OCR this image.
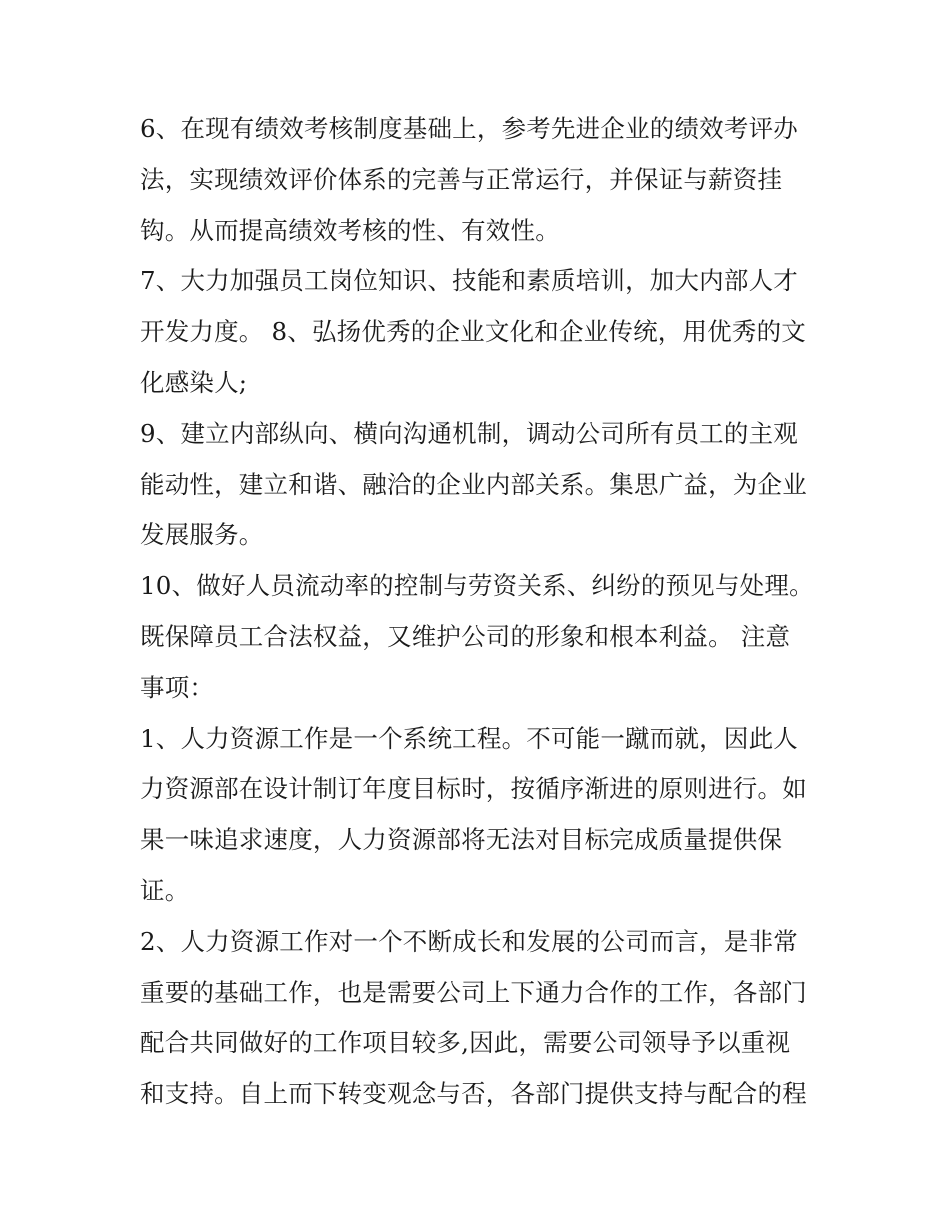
6、在现有绩效考核制度基础上，参考先进企业的绩效考评办
法，实现绩效评价体系的完善与正常运行，并保证与薪资挂
钩。从而提高绩效考核的性、有效性。
7、大力加强员工岗位知识、技能和素质培训，加大内部人才
开发力度。 8、弘扬优秀的企业文化和企业传统，用优秀的文
化感染人;
9、建立内部纵向、横向沟通机制，调动公司所有员工的主观
能动性，建立和谐、融洽的企业内部关系。集思广益，为企业
发展服务。
10、做好人员流动率的控制与劳资关系、纠纷的预见与处理。
既保障员工合法权益，又维护公司的形象和根本利益。 注意
事项：
1、人力资源工作是一个系统工程。不可能一蹴而就，因此人
力资源部在设计制订年度目标时，按循序渐进的原则进行。如
果一味追求速度，人力资源部将无法对目标完成质量提供保
证。
2、人力资源工作对一个不断成长和发展的公司而言，是非常
重要的基础工作，也是需要公司上下通力合作的工作，各部门
配合共同做好的工作项目较多,因此，需要公司领导予以重视
和支持。自上而下转变观念与否，各部门提供支持与配合的程
